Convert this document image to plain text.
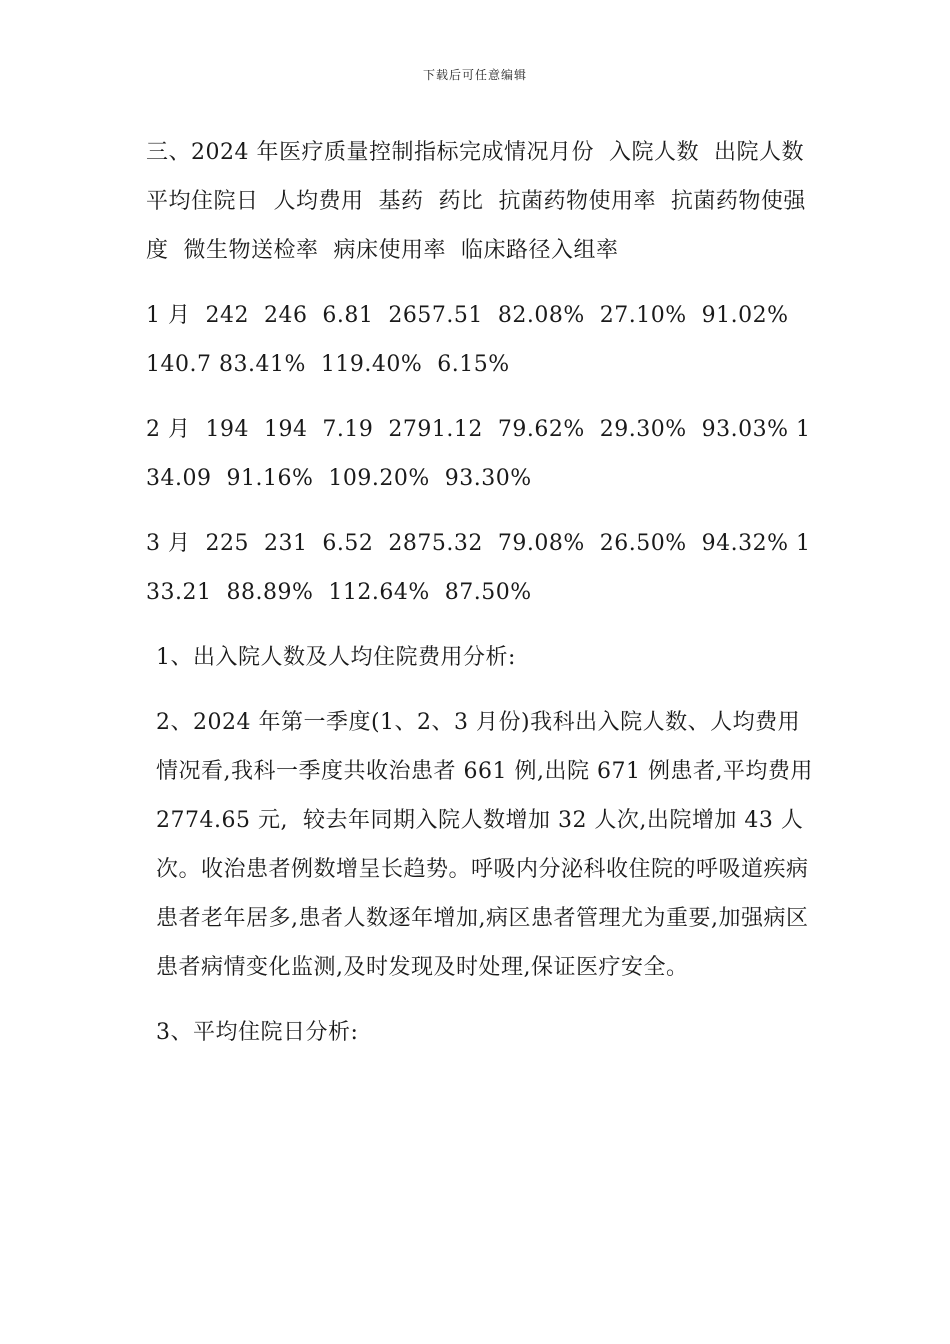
下载后可任意编辑

三、2024 年医疗质量控制指标完成情况月份  入院人数  出院人数  平均住院日  人均费用  基药  药比  抗菌药物使用率  抗菌药物使强度  微生物送检率  病床使用率  临床路径入组率

1 月  242  246  6.81  2657.51  82.08%  27.10%  91.02%  140.7 83.41%  119.40%  6.15%

2 月  194  194  7.19  2791.12  79.62%  29.30%  93.03% 134.09  91.16%  109.20%  93.30%

3 月  225  231  6.52  2875.32  79.08%  26.50%  94.32% 133.21  88.89%  112.64%  87.50%

1、出入院人数及人均住院费用分析:

2、2024 年第一季度(1、2、3 月份)我科出入院人数、人均费用情况看,我科一季度共收治患者 661 例,出院 671 例患者,平均费用 2774.65 元,  较去年同期入院人数增加 32 人次,出院增加 43 人次。收治患者例数增呈长趋势。呼吸内分泌科收住院的呼吸道疾病患者老年居多,患者人数逐年增加,病区患者管理尤为重要,加强病区患者病情变化监测,及时发现及时处理,保证医疗安全。

3、平均住院日分析:
